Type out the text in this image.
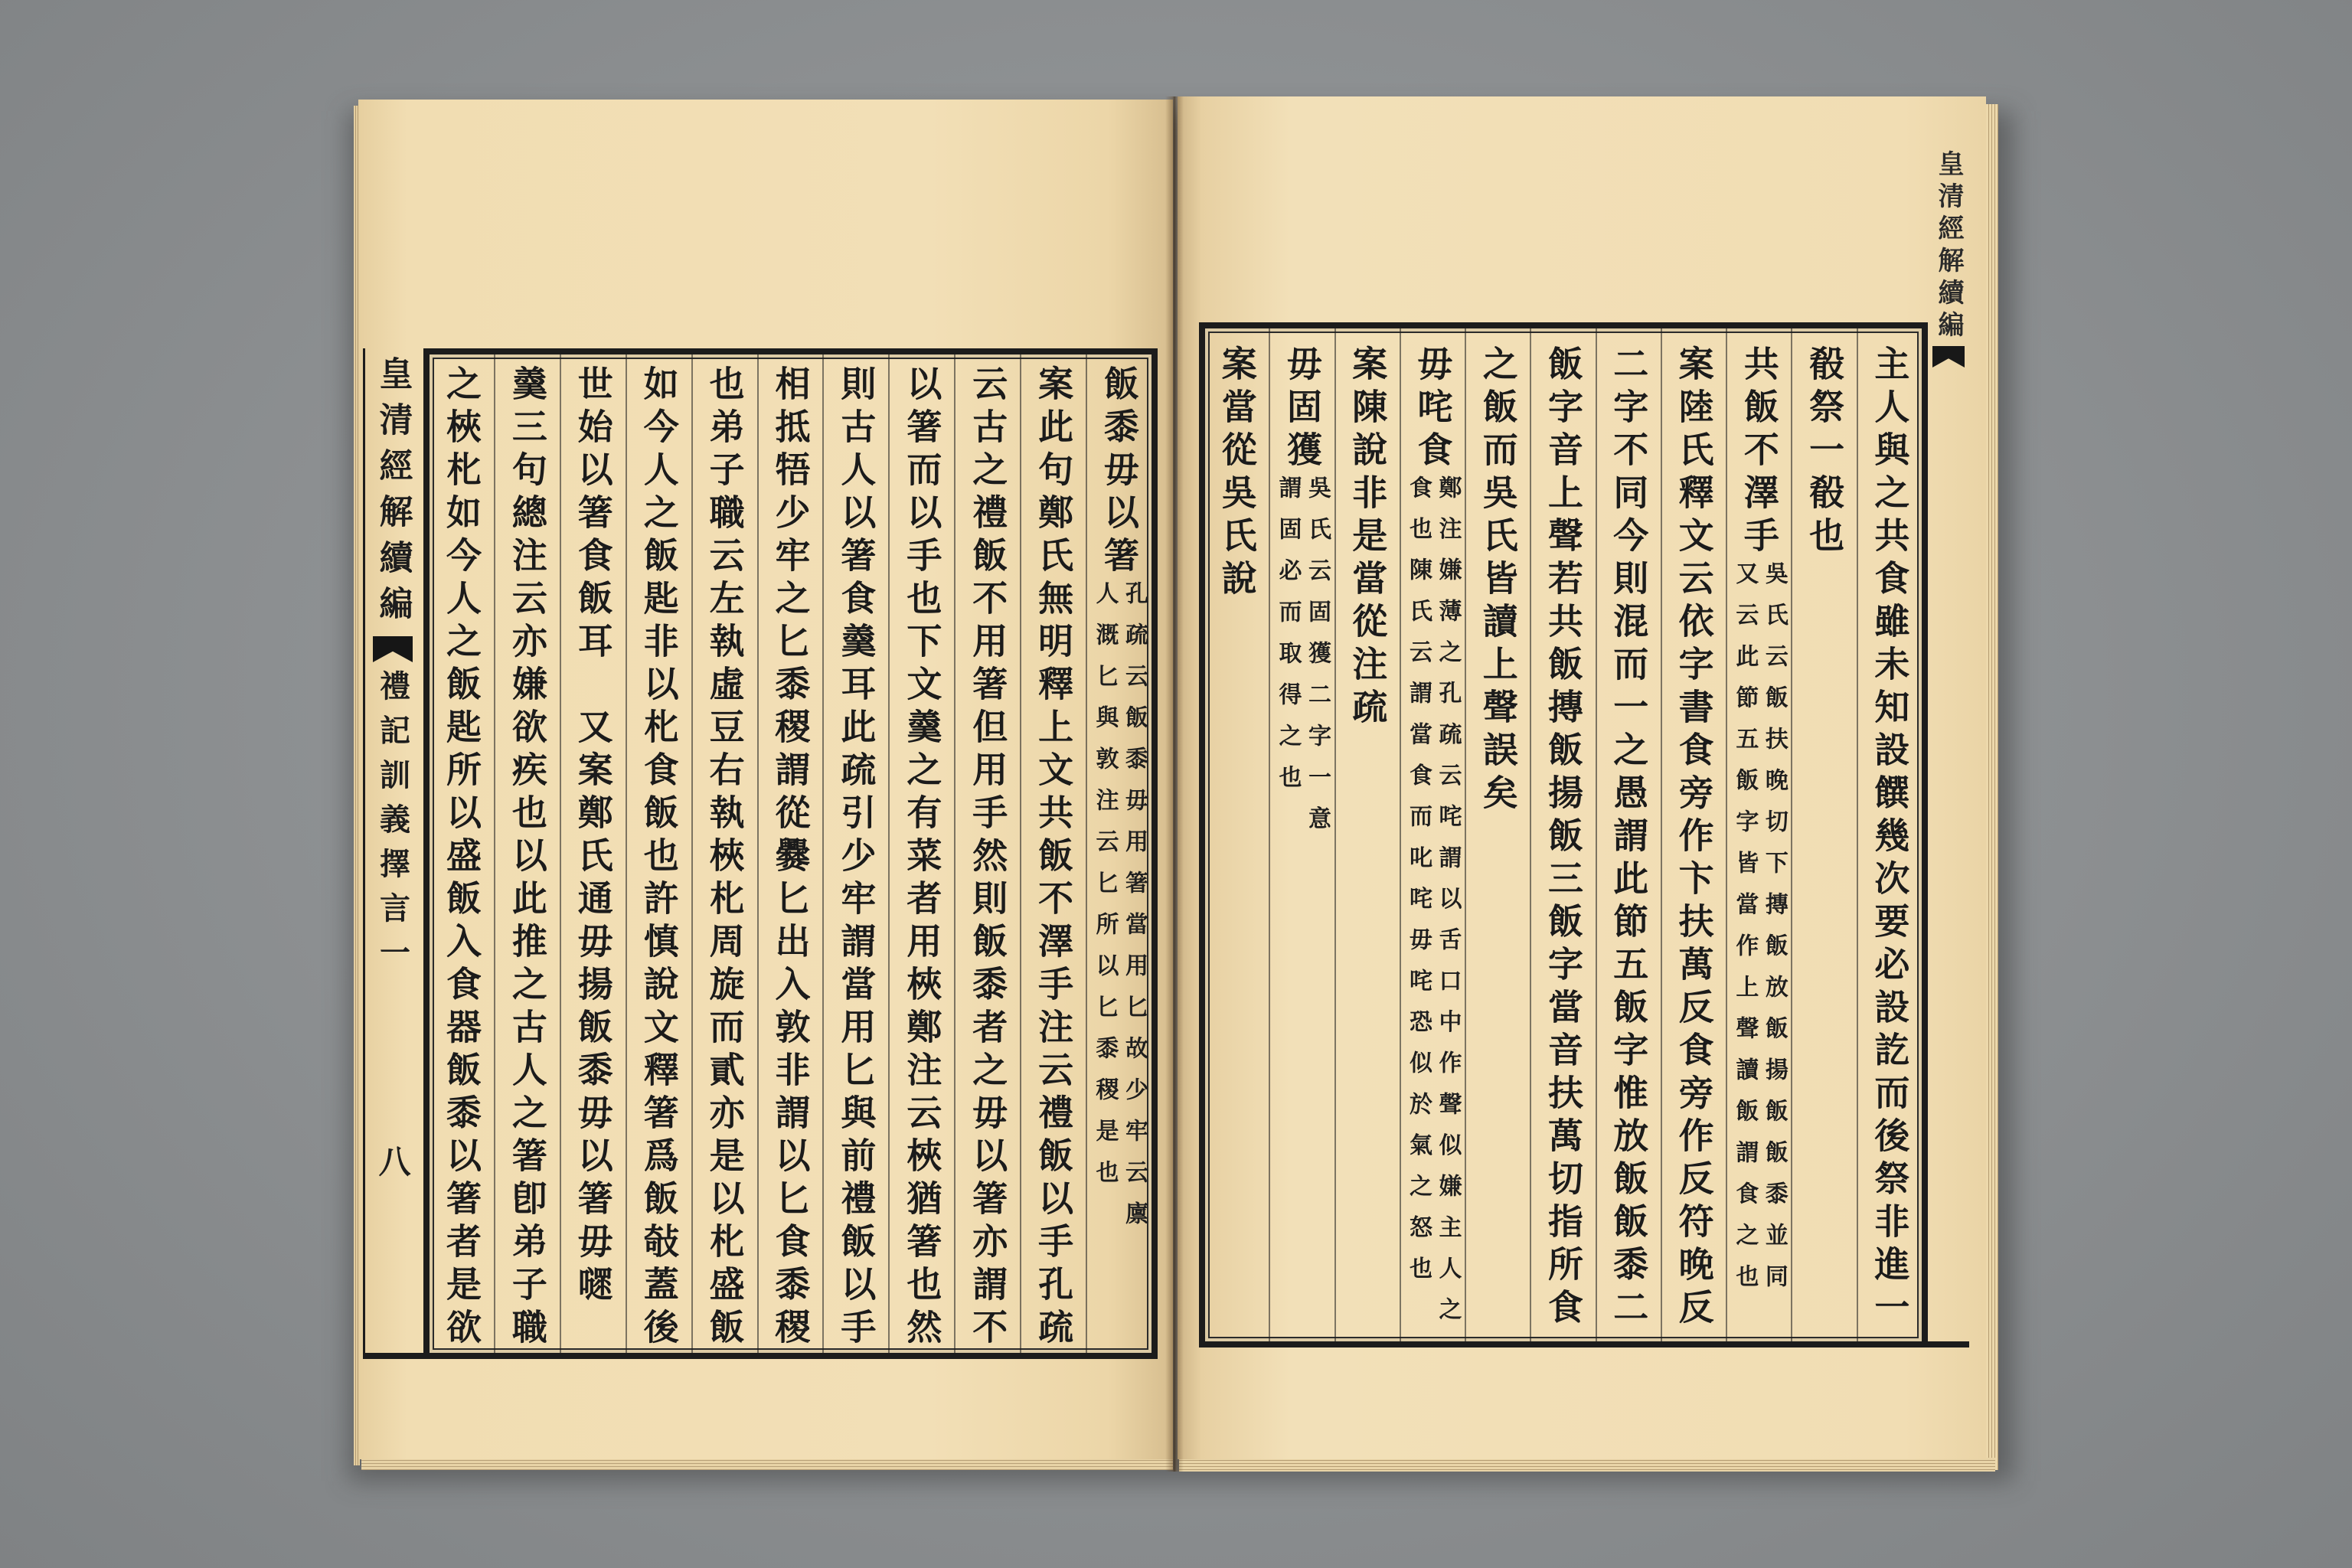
皇清經解續編
禮記訓義擇言一
八
飯黍毋以箸
孔疏云飯黍毋用箸當用匕故少牢云廪
人溉匕與敦注云匕所以匕黍稷是也
案此句鄭氏無明釋上文共飯不澤手注云禮飯以手孔疏
云古之禮飯不用箸但用手然則飯黍者之毋以箸亦謂不
以箸而以手也下文羹之有菜者用梜鄭注云梜猶箸也然
則古人以箸食羹耳此疏引少牢謂當用匕與前禮飯以手
相抵牾少牢之匕黍稷謂從爨匕出入敦非謂以匕食黍稷
也弟子職云左執虛豆右執梜朼周旋而貳亦是以朼盛飯
如今人之飯匙非以朼食飯也許慎說文釋箸爲飯敧蓋後
世始以箸食飯耳　又案鄭氏通毋揚飯黍毋以箸毋嚃
羹三句總注云亦嫌欲疾也以此推之古人之箸卽弟子職
之梜朼如今人之飯匙所以盛飯入食器飯黍以箸者是欲
皇清經解續編
主人與之共食雖未知設饌幾次要必設訖而後祭非進一
殽祭一殽也
共飯不澤手
吳氏云飯扶晚切下摶飯放飯揚飯飯黍並同
又云此節五飯字皆當作上聲讀飯謂食之也
案陸氏釋文云依字書食旁作卞扶萬反食旁作反符晚反
二字不同今則混而一之愚謂此節五飯字惟放飯飯黍二
飯字音上聲若共飯摶飯揚飯三飯字當音扶萬切指所食
之飯而吳氏皆讀上聲誤矣
毋咤食
鄭注嫌薄之孔疏云咤謂以舌口中作聲似嫌主人之
食也陳氏云謂當食而叱咤毋咤恐似於氣之怒也
案陳說非是當從注疏
毋固獲
吳氏云固獲二字一意
謂固必而取得之也
案當從吳氏說
